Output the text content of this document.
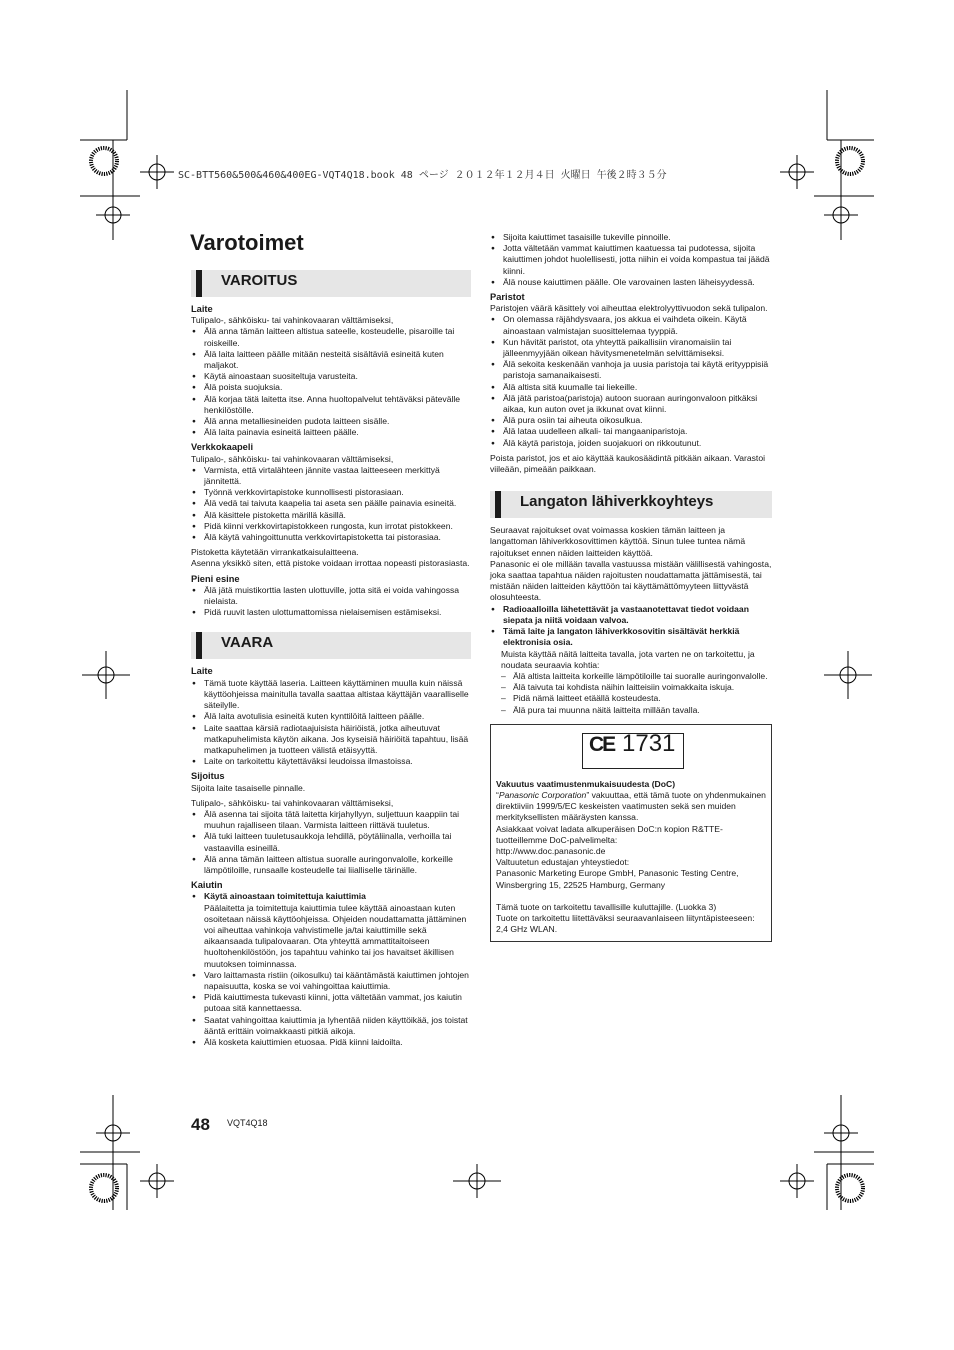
SC-BTT560&500&460&400EG-VQT4Q18.book 48 ページ ２０１２年１２月４日 火曜日 午後２時３５分
Varotoimet
VAROITUS
Laite

Tulipalo-, sähköisku- tai vahinkovaaran välttämiseksi,

● Älä anna tämän laitteen altistua sateelle, kosteudelle, pisaroille tai roiskeille.
● Älä laita laitteen päälle mitään nesteitä sisältäviä esineitä kuten maljakot.
● Käytä ainoastaan suositeltuja varusteita.
● Älä poista suojuksia.
● Älä korjaa tätä laitetta itse. Anna huoltopalvelut tehtäväksi pätevälle henkilöstölle.
● Älä anna metalliesineiden pudota laitteen sisälle.
● Älä laita painavia esineitä laitteen päälle.
Verkkokaapeli

Tulipalo-, sähköisku- tai vahinkovaaran välttämiseksi,

● Varmista, että virtalähteen jännite vastaa laitteeseen merkittyä jännitettä.
● Työnnä verkkovirtapistoke kunnollisesti pistorasiaan.
● Älä vedä tai taivuta kaapelia tai aseta sen päälle painavia esineitä.
● Älä käsittele pistoketta märillä käsillä.
● Pidä kiinni verkkovirtapistokkeen rungosta, kun irrotat pistokkeen.
● Älä käytä vahingoittunutta verkkovirtapistoketta tai pistorasiaa.

Pistoketta käytetään virrankatkaisulaitteena.

Asenna yksikkö siten, että pistoke voidaan irrottaa nopeasti pistorasiasta.

Pieni esine
● Älä jätä muistikorttia lasten ulottuville, jotta sitä ei voida vahingossa nielaista.
● Pidä ruuvit lasten ulottumattomissa nielaisemisen estämiseksi.
VAARA
Laite
● Tämä tuote käyttää laseria. Laitteen käyttäminen muulla kuin näissä käyttöohjeissa mainitulla tavalla saattaa altistaa käyttäjän vaaralliselle säteilylle.
● Älä laita avotulisia esineitä kuten kynttilöitä laitteen päälle.
● Laite saattaa kärsiä radiotaajuisista häiriöistä, jotka aiheutuvat matkapuhelimista käytön aikana. Jos kyseisiä häiriöitä tapahtuu, lisää matkapuhelimen ja tuotteen välistä etäisyyttä.
● Laite on tarkoitettu käytettäväksi leudoissa ilmastoissa.
Sijoitus

Sijoita laite tasaiselle pinnalle.

Tulipalo-, sähköisku- tai vahinkovaaran välttämiseksi,

● Älä asenna tai sijoita tätä laitetta kirjahyllyyn, suljettuun kaappiin tai muuhun rajalliseen tilaan. Varmista laitteen riittävä tuuletus.
● Älä tuki laitteen tuuletusaukkoja lehdillä, pöytäliinalla, verhoilla tai vastaavilla esineillä.
● Älä anna tämän laitteen altistua suoralle auringonvalolle, korkeille lämpötiloille, runsaalle kosteudelle tai liialliselle tärinälle.
Kaiutin
● Käytä ainoastaan toimitettuja kaiuttimia

Päälaitetta ja toimitettuja kaiuttimia tulee käyttää ainoastaan kuten osoitetaan näissä käyttöohjeissa. Ohjeiden noudattamatta jättäminen voi aiheuttaa vahinkoja vahvistimelle ja/tai kaiuttimille sekä aikaansaada tulipalovaaran. Ota yhteyttä ammattitaitoiseen huoltohenkilöstöön, jos tapahtuu vahinko tai jos havaitset äkillisen muutoksen toiminnassa.

● Varo laittamasta ristiin (oikosulku) tai kääntämästä kaiuttimen johtojen napaisuutta, koska se voi vahingoittaa kaiuttimia.
● Pidä kaiuttimesta tukevasti kiinni, jotta vältetään vammat, jos kaiutin putoaa sitä kannettaessa.
● Saatat vahingoittaa kaiuttimia ja lyhentää niiden käyttöikää, jos toistat ääntä erittäin voimakkaasti pitkiä aikoja.
● Älä kosketa kaiuttimien etuosaa. Pidä kiinni laidoilta.
● Sijoita kaiuttimet tasaisille tukeville pinnoille.
● Jotta vältetään vammat kaiuttimen kaatuessa tai pudotessa, sijoita kaiuttimen johdot huolellisesti, jotta niihin ei voida kompastua tai jäädä kiinni.
● Älä nouse kaiuttimen päälle. Ole varovainen lasten läheisyydessä.
Paristot

Paristojen väärä käsittely voi aiheuttaa elektrolyyttivuodon sekä tulipalon.

● On olemassa räjähdysvaara, jos akkua ei vaihdeta oikein. Käytä ainoastaan valmistajan suosittelemaa tyyppiä.
● Kun hävität paristot, ota yhteyttä paikallisiin viranomaisiin tai jälleenmyyjään oikean hävitysmenetelmän selvittämiseksi.
● Älä sekoita keskenään vanhoja ja uusia paristoja tai käytä erityyppisiä paristoja samanaikaisesti.
● Älä altista sitä kuumalle tai liekeille.
● Älä jätä paristoa(paristoja) autoon suoraan auringonvaloon pitkäksi aikaa, kun auton ovet ja ikkunat ovat kiinni.
● Älä pura osiin tai aiheuta oikosulkua.
● Älä lataa uudelleen alkali- tai mangaaniparistoja.
● Älä käytä paristoja, joiden suojakuori on rikkoutunut.

Poista paristot, jos et aio käyttää kaukosäädintä pitkään aikaan. Varastoi viileään, pimeään paikkaan.

Langaton lähiverkkoyhteys

Seuraavat rajoitukset ovat voimassa koskien tämän laitteen ja langattoman lähiverkkosovittimen käyttöä. Sinun tulee tuntea nämä rajoitukset ennen näiden laitteiden käyttöä.

Panasonic ei ole millään tavalla vastuussa mistään välillisestä vahingosta, joka saattaa tapahtua näiden rajoitusten noudattamatta jättämisestä, tai mistään näiden laitteiden käyttöön tai käyttämättömyyteen liittyvästä olosuhteesta.

● Radioaalloilla lähetettävät ja vastaanotettavat tiedot voidaan siepata ja niitä voidaan valvoa.
● Tämä laite ja langaton lähiverkkosovitin sisältävät herkkiä elektronisia osia.

Muista käyttää näitä laitteita tavalla, jota varten ne on tarkoitettu, ja noudata seuraavia kohtia:

– Älä altista laitteita korkeille lämpötiloille tai suoralle auringonvalolle.
– Älä taivuta tai kohdista näihin laitteisiin voimakkaita iskuja.
– Pidä nämä laitteet etäällä kosteudesta.
– Älä pura tai muunna näitä laitteita millään tavalla.
CE 1731
Vakuutus vaatimustenmukaisuudesta (DoC)

“Panasonic Corporation” vakuuttaa, että tämä tuote on yhdenmukainen direktiiviin 1999/5/EC keskeisten vaatimusten sekä sen muiden merkityksellisten määräysten kanssa.

Asiakkaat voivat ladata alkuperäisen DoC:n kopion R&TTE-tuotteillemme DoC-palvelimelta:

http://www.doc.panasonic.de

Valtuutetun edustajan yhteystiedot:

Panasonic Marketing Europe GmbH, Panasonic Testing Centre, Winsbergring 15, 22525 Hamburg, Germany

Tämä tuote on tarkoitettu tavallisille kuluttajille. (Luokka 3)

Tuote on tarkoitettu liitettäväksi seuraavanlaiseen liityntäpisteeseen: 2,4 GHz WLAN.

48 VQT4Q18
